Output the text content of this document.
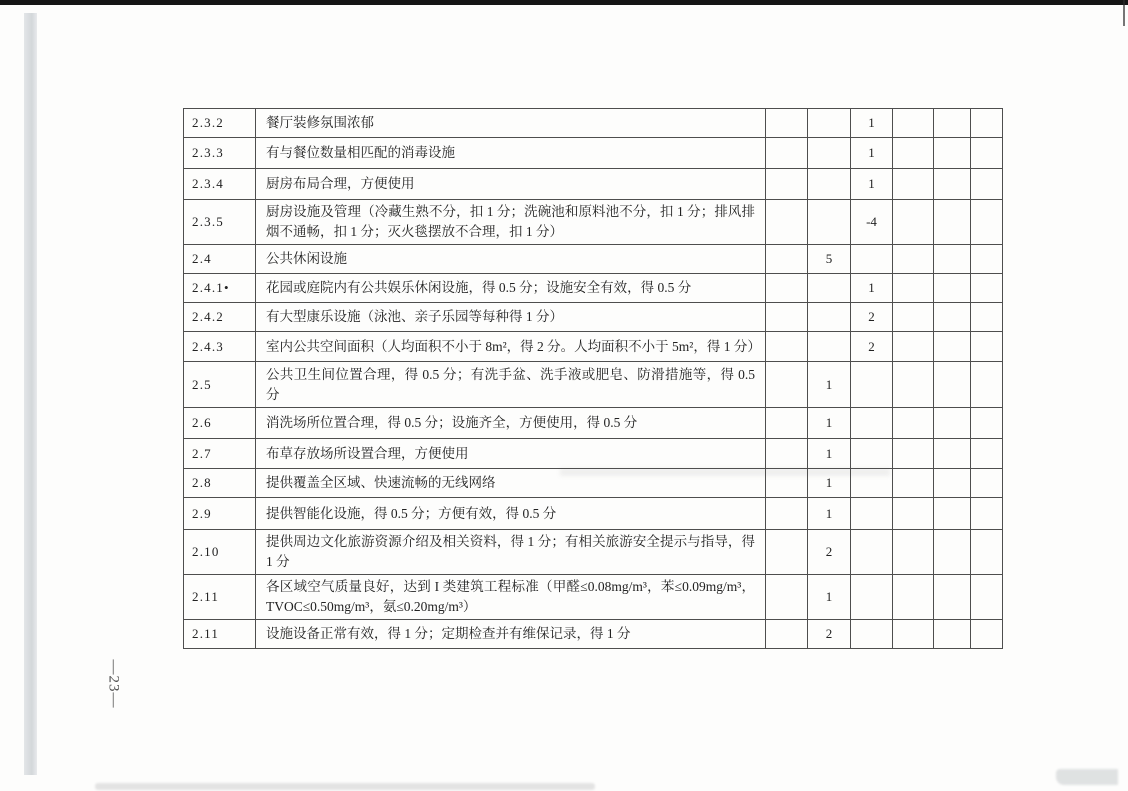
—23—
2.3.2	餐厅装修氛围浓郁			1			
2.3.3	有与餐位数量相匹配的消毒设施			1			
2.3.4	厨房布局合理，方便使用			1			
2.3.5	厨房设施及管理（冷藏生熟不分，扣 1 分；洗碗池和原料池不分，扣 1 分；排风排烟不通畅，扣 1 分；灭火毯摆放不合理，扣 1 分）			-4			
2.4	公共休闲设施		5				
2.4.1•	花园或庭院内有公共娱乐休闲设施，得 0.5 分；设施安全有效，得 0.5 分			1			
2.4.2	有大型康乐设施（泳池、亲子乐园等每种得 1 分）			2			
2.4.3	室内公共空间面积（人均面积不小于 8m²，得 2 分。人均面积不小于 5m²，得 1 分）			2			
2.5	公共卫生间位置合理，得 0.5 分；有洗手盆、洗手液或肥皂、防滑措施等，得 0.5 分		1				
2.6	消洗场所位置合理，得 0.5 分；设施齐全，方便使用，得 0.5 分		1				
2.7	布草存放场所设置合理，方便使用		1				
2.8	提供覆盖全区域、快速流畅的无线网络		1				
2.9	提供智能化设施，得 0.5 分；方便有效，得 0.5 分		1				
2.10	提供周边文化旅游资源介绍及相关资料，得 1 分；有相关旅游安全提示与指导，得 1 分		2				
2.11	各区域空气质量良好，达到 I 类建筑工程标准（甲醛≤0.08mg/m³，苯≤0.09mg/m³，TVOC≤0.50mg/m³，氨≤0.20mg/m³）		1				
2.11	设施设备正常有效，得 1 分；定期检查并有维保记录，得 1 分		2				
